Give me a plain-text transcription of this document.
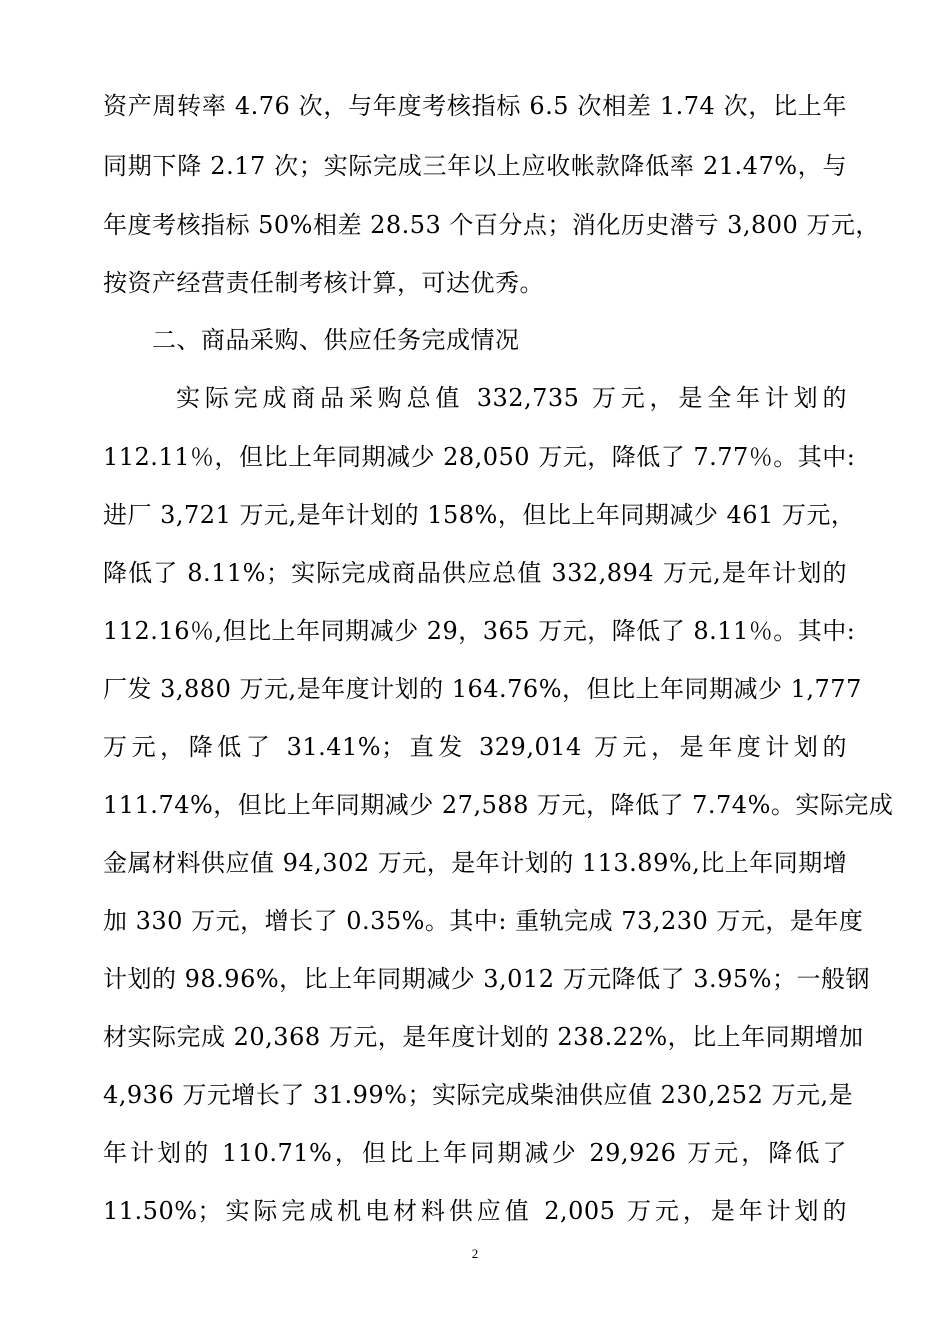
资产周转率 4.76 次，与年度考核指标 6.5 次相差 1.74 次，比上年
同期下降 2.17 次；实际完成三年以上应收帐款降低率 21.47%，与
年度考核指标 50%相差 28.53 个百分点；消化历史潜亏 3,800 万元，
按资产经营责任制考核计算，可达优秀。
二、商品采购、供应任务完成情况
实际完成商品采购总值 332,735 万元，是全年计划的
112.11％，但比上年同期减少 28,050 万元，降低了 7.77％。其中:
进厂 3,721 万元,是年计划的 158%，但比上年同期减少 461 万元，
降低了 8.11%；实际完成商品供应总值 332,894 万元,是年计划的
112.16％,但比上年同期减少 29，365 万元，降低了 8.11％。其中:
厂发 3,880 万元,是年度计划的 164.76%，但比上年同期减少 1,777
万元，降低了 31.41%；直发 329,014 万元，是年度计划的
111.74%，但比上年同期减少 27,588 万元，降低了 7.74%。实际完成
金属材料供应值 94,302 万元，是年计划的 113.89%,比上年同期增
加 330 万元，增长了 0.35%。其中: 重轨完成 73,230 万元，是年度
计划的 98.96%，比上年同期减少 3,012 万元降低了 3.95%；一般钢
材实际完成 20,368 万元，是年度计划的 238.22%，比上年同期增加
4,936 万元增长了 31.99%；实际完成柴油供应值 230,252 万元,是
年计划的 110.71%，但比上年同期减少 29,926 万元，降低了
11.50%；实际完成机电材料供应值 2,005 万元，是年计划的
2
